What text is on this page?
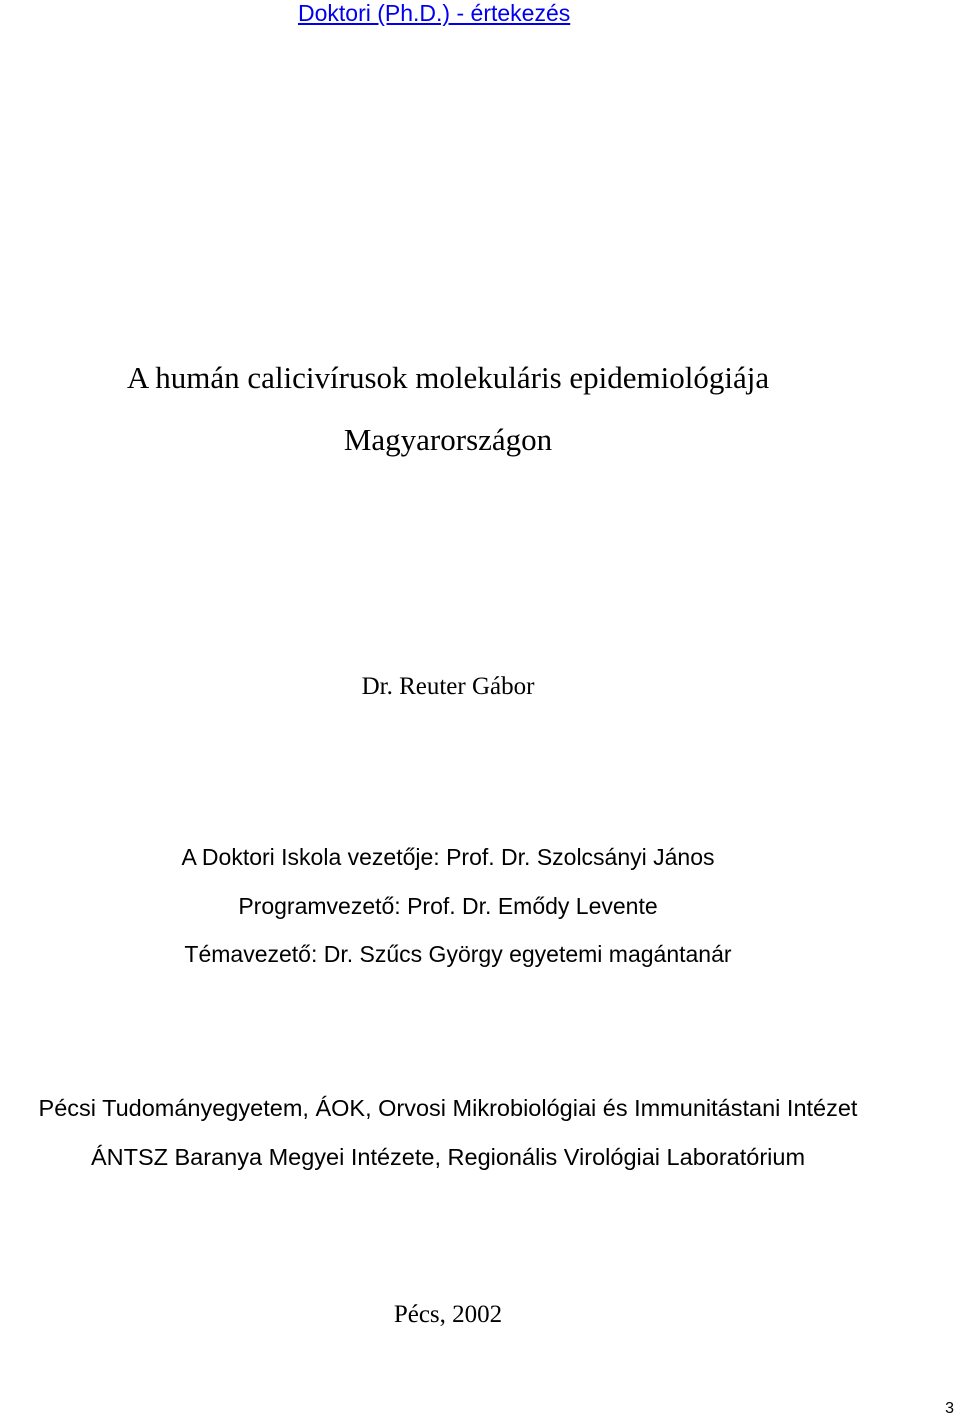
Doktori (Ph.D.) - értekezés
A humán calicivírusok molekuláris epidemiológiája
Magyarországon
Dr. Reuter Gábor
A Doktori Iskola vezetője: Prof. Dr. Szolcsányi János
Programvezető: Prof. Dr. Emődy Levente
Témavezető: Dr. Szűcs György egyetemi magántanár
Pécsi Tudományegyetem, ÁOK, Orvosi Mikrobiológiai és Immunitástani Intézet
ÁNTSZ Baranya Megyei Intézete, Regionális Virológiai Laboratórium
Pécs, 2002
3
